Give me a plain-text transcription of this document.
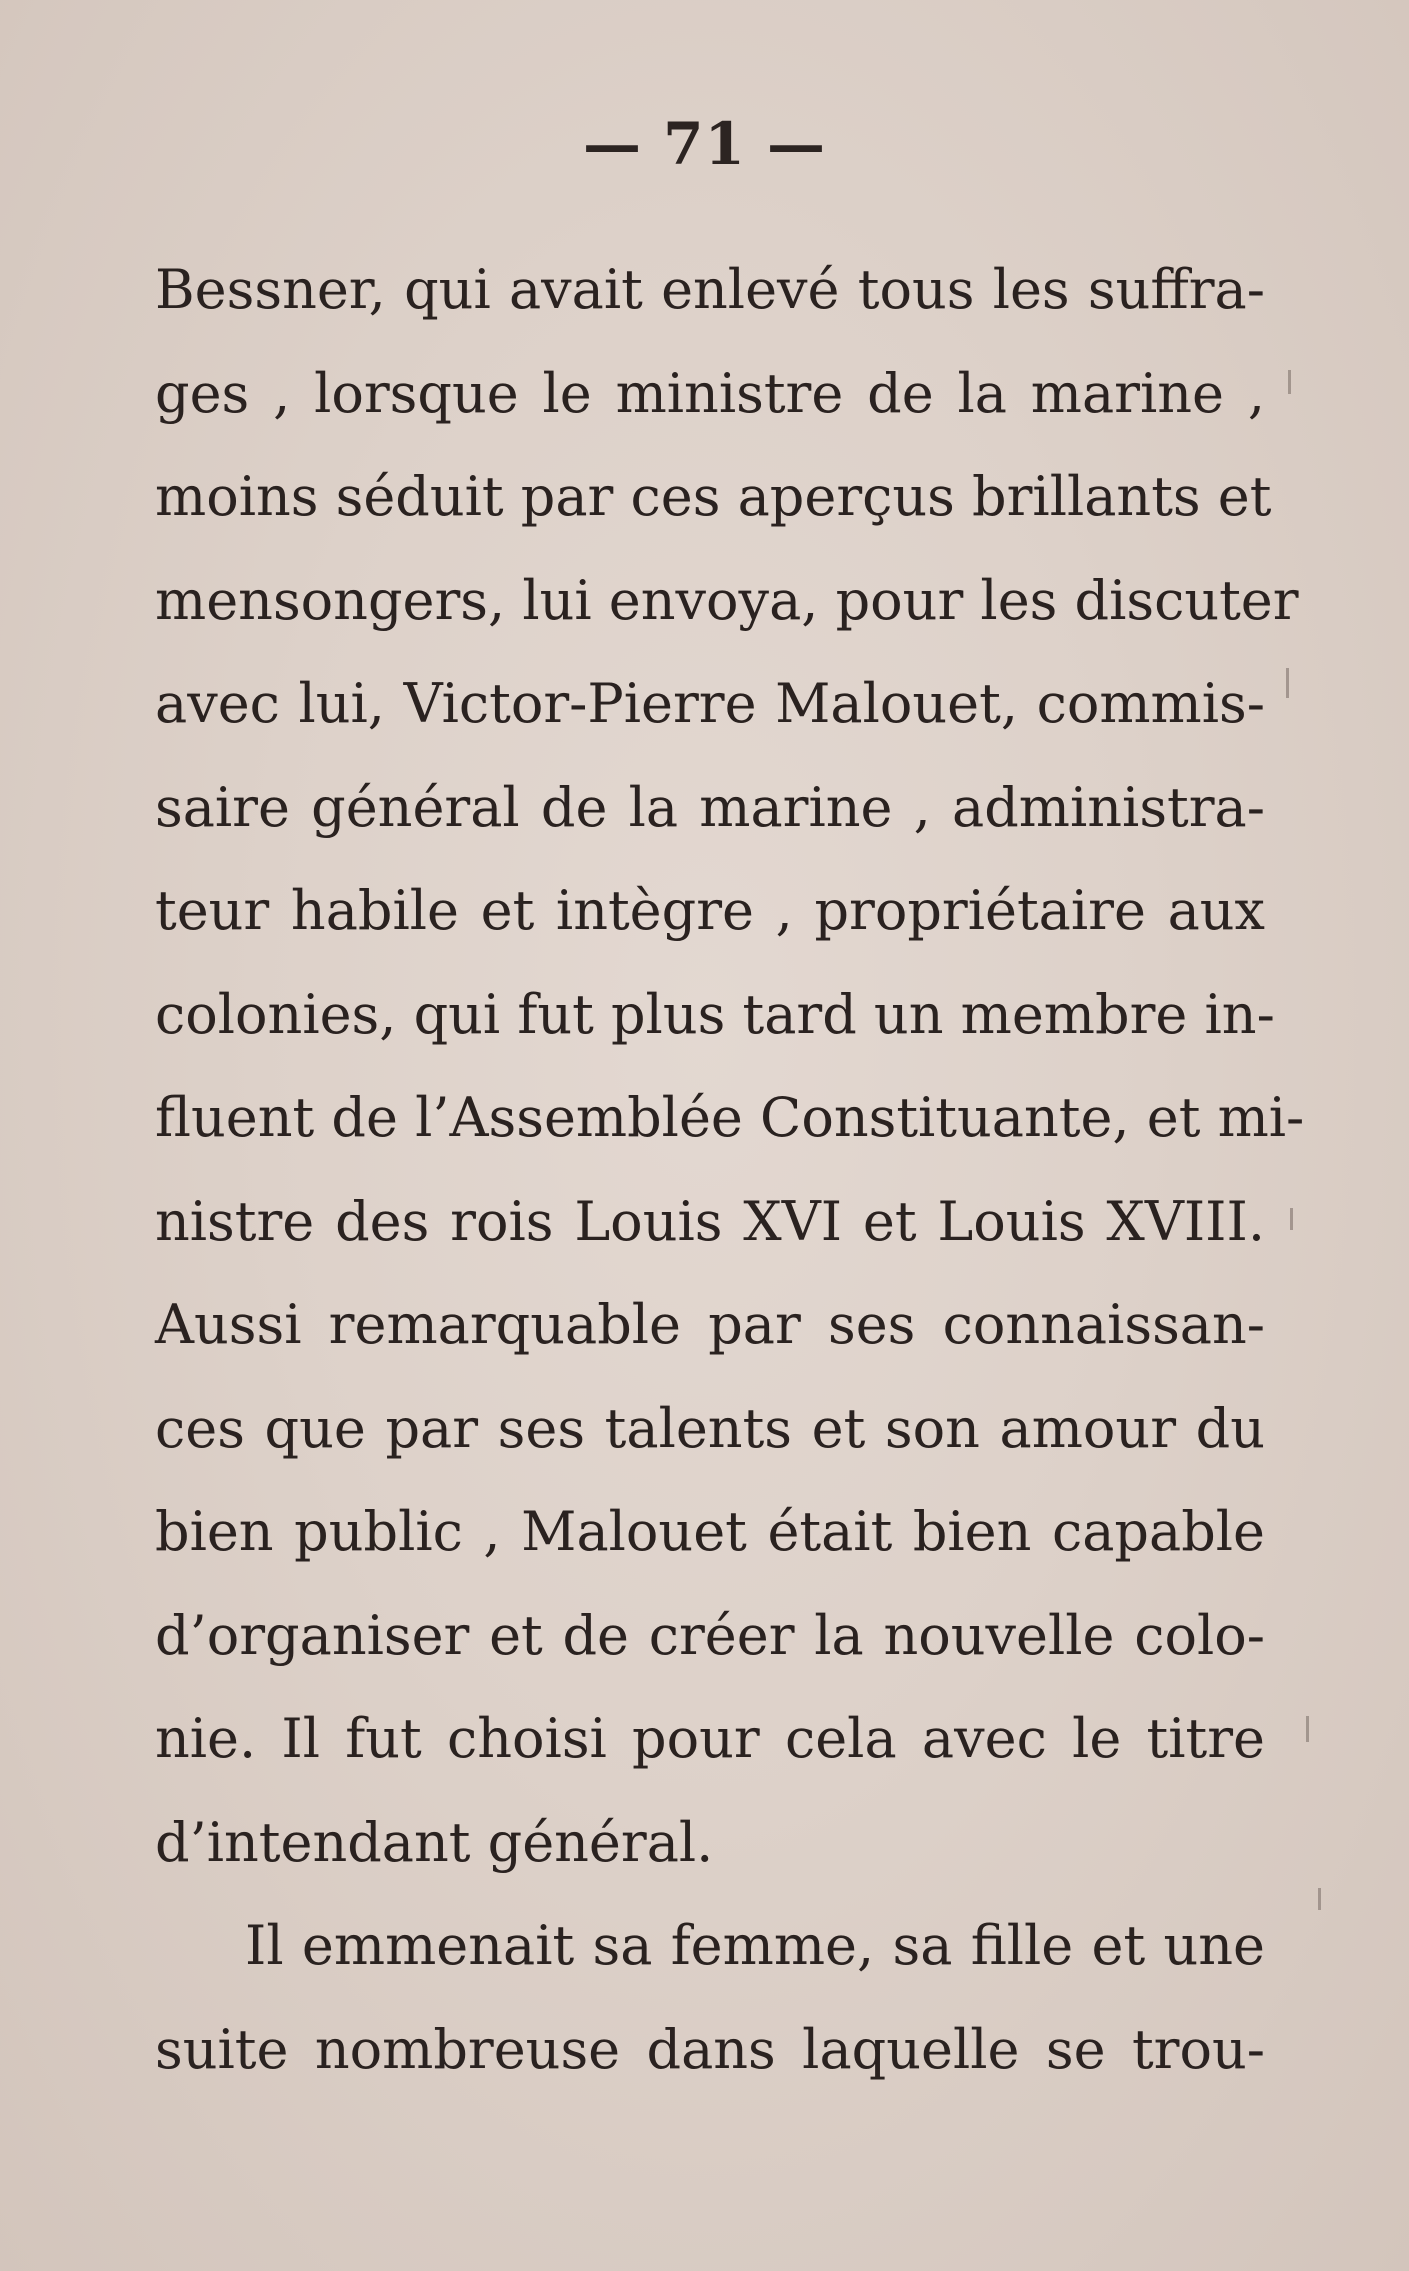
— 71 —
Bessner, qui avait enlevé tous les suffra-
ges , lorsque le ministre de la marine ,
moins séduit par ces aperçus brillants et
mensongers, lui envoya, pour les discuter
avec lui, Victor-Pierre Malouet, commis-
saire général de la marine , administra-
teur habile et intègre , propriétaire aux
colonies, qui fut plus tard un membre in-
fluent de l’Assemblée Constituante, et mi-
nistre des rois Louis XVI et Louis XVIII.
Aussi remarquable par ses connaissan-
ces que par ses talents et son amour du
bien public , Malouet était bien capable
d’organiser et de créer la nouvelle colo-
nie. Il fut choisi pour cela avec le titre
d’intendant général.
Il emmenait sa femme, sa fille et une
suite nombreuse dans laquelle se trou-
